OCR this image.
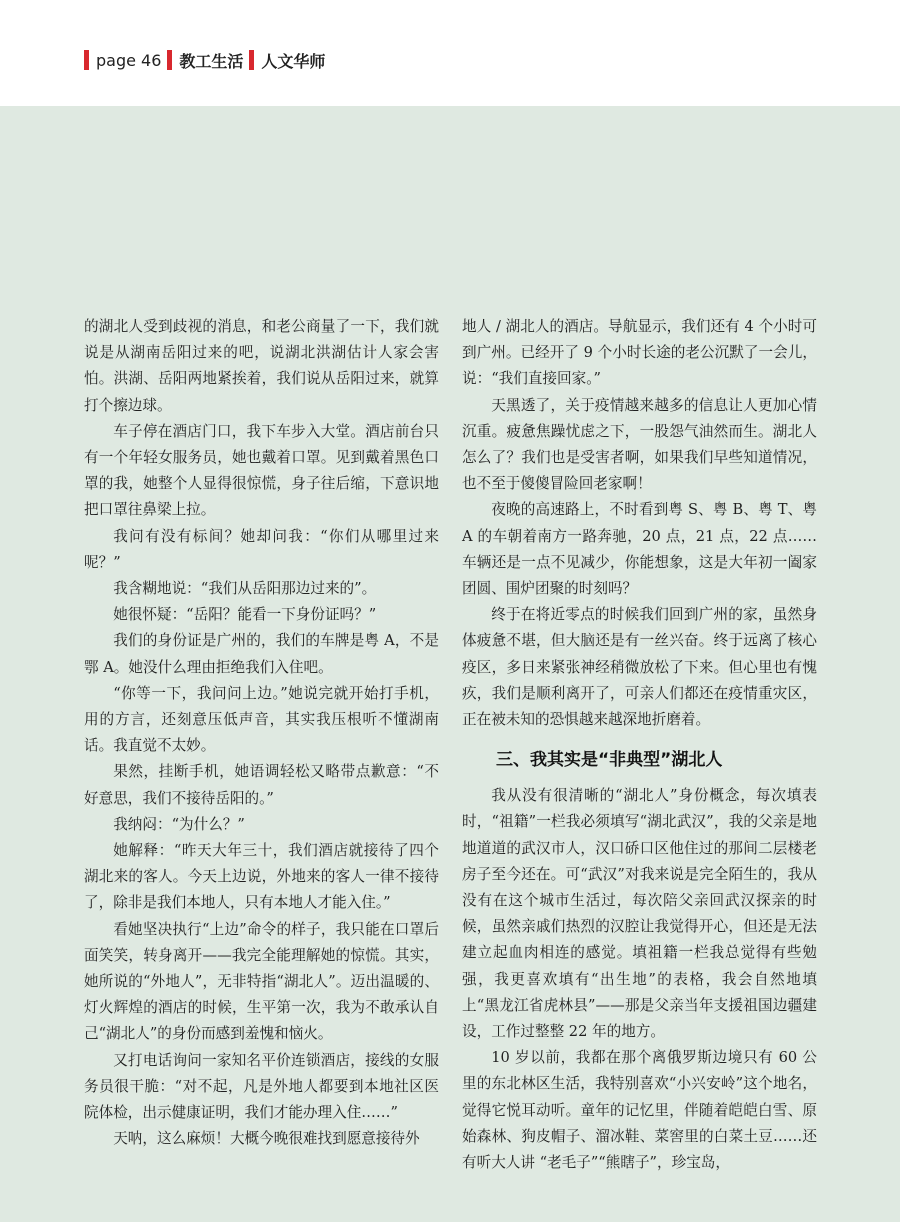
page 46 教工生活 人文华师

的湖北人受到歧视的消息，和老公商量了一下，我们就说是从湖南岳阳过来的吧，说湖北洪湖估计人家会害怕。洪湖、岳阳两地紧挨着，我们说从岳阳过来，就算打个擦边球。

车子停在酒店门口，我下车步入大堂。酒店前台只有一个年轻女服务员，她也戴着口罩。见到戴着黑色口罩的我，她整个人显得很惊慌，身子往后缩，下意识地把口罩往鼻梁上拉。

我问有没有标间？她却问我：“你们从哪里过来呢？”

我含糊地说：“我们从岳阳那边过来的”。

她很怀疑：“岳阳？能看一下身份证吗？”

我们的身份证是广州的，我们的车牌是粤 A，不是鄂 A。她没什么理由拒绝我们入住吧。

“你等一下，我问问上边。”她说完就开始打手机，用的方言，还刻意压低声音，其实我压根听不懂湖南话。我直觉不太妙。

果然，挂断手机，她语调轻松又略带点歉意：“不好意思，我们不接待岳阳的。”

我纳闷：“为什么？”

她解释：“昨天大年三十，我们酒店就接待了四个湖北来的客人。今天上边说，外地来的客人一律不接待了，除非是我们本地人，只有本地人才能入住。”

看她坚决执行“上边”命令的样子，我只能在口罩后面笑笑，转身离开——我完全能理解她的惊慌。其实，她所说的“外地人”，无非特指“湖北人”。迈出温暖的、灯火辉煌的酒店的时候，生平第一次，我为不敢承认自己“湖北人”的身份而感到羞愧和恼火。

又打电话询问一家知名平价连锁酒店，接线的女服务员很干脆：“对不起，凡是外地人都要到本地社区医院体检，出示健康证明，我们才能办理入住……”

天呐，这么麻烦！大概今晚很难找到愿意接待外

地人 / 湖北人的酒店。导航显示，我们还有 4 个小时可到广州。已经开了 9 个小时长途的老公沉默了一会儿，说：“我们直接回家。”

天黑透了，关于疫情越来越多的信息让人更加心情沉重。疲惫焦躁忧虑之下，一股怨气油然而生。湖北人怎么了？我们也是受害者啊，如果我们早些知道情况，也不至于傻傻冒险回老家啊！

夜晚的高速路上，不时看到粤 S、粤 B、粤 T、粤 A 的车朝着南方一路奔驰，20 点，21 点，22 点……车辆还是一点不见减少，你能想象，这是大年初一阖家团圆、围炉团聚的时刻吗？

终于在将近零点的时候我们回到广州的家，虽然身体疲惫不堪，但大脑还是有一丝兴奋。终于远离了核心疫区，多日来紧张神经稍微放松了下来。但心里也有愧疚，我们是顺利离开了，可亲人们都还在疫情重灾区，正在被未知的恐惧越来越深地折磨着。

三、我其实是“非典型”湖北人

我从没有很清晰的“湖北人”身份概念，每次填表时，“祖籍”一栏我必须填写“湖北武汉”，我的父亲是地地道道的武汉市人，汉口硚口区他住过的那间二层楼老房子至今还在。可“武汉”对我来说是完全陌生的，我从没有在这个城市生活过，每次陪父亲回武汉探亲的时候，虽然亲戚们热烈的汉腔让我觉得开心，但还是无法建立起血肉相连的感觉。填祖籍一栏我总觉得有些勉强，我更喜欢填有“出生地”的表格，我会自然地填上“黑龙江省虎林县”——那是父亲当年支援祖国边疆建设，工作过整整 22 年的地方。

10 岁以前，我都在那个离俄罗斯边境只有 60 公里的东北林区生活，我特别喜欢“小兴安岭”这个地名，觉得它悦耳动听。童年的记忆里，伴随着皑皑白雪、原始森林、狗皮帽子、溜冰鞋、菜窖里的白菜土豆……还有听大人讲 “老毛子”“熊瞎子”，珍宝岛，
